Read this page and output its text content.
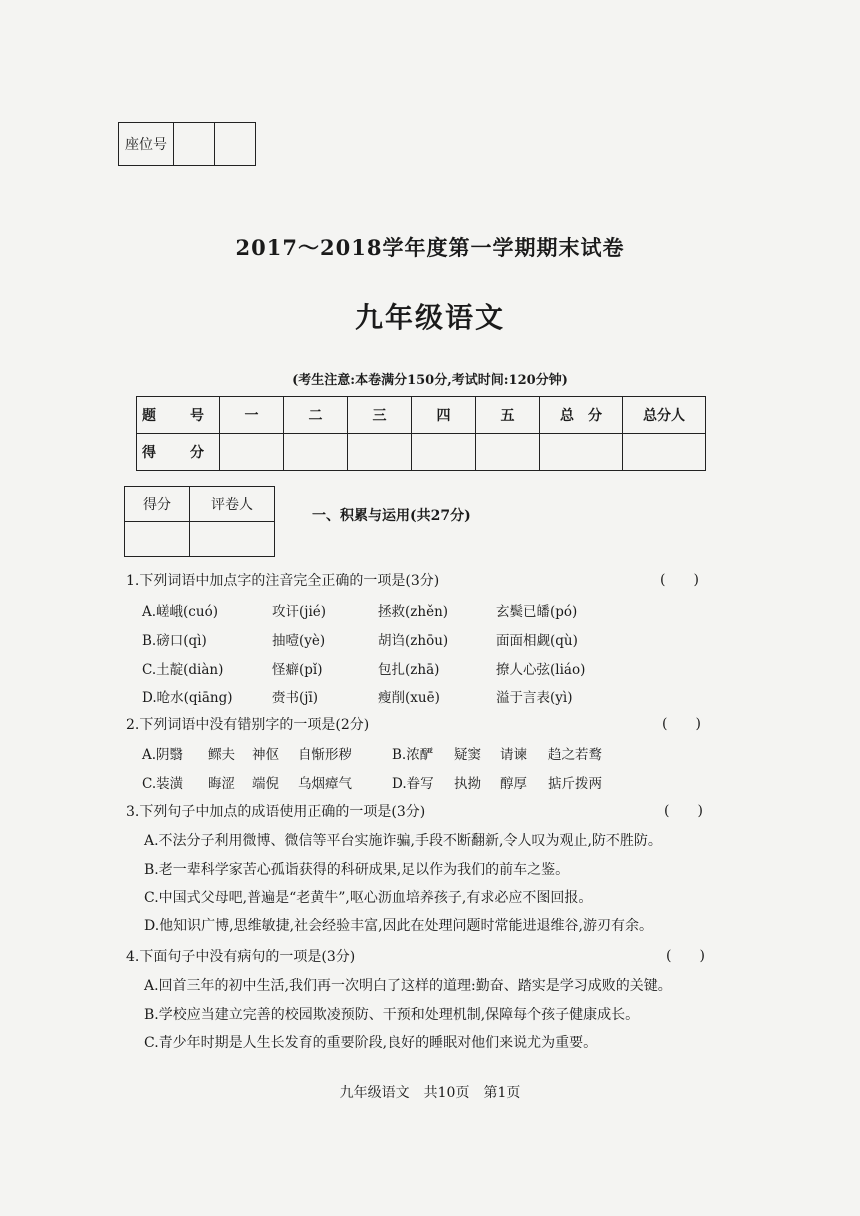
座位号		
2017～2018学年度第一学期期末试卷
九年级语文
(考生注意:本卷满分150分,考试时间:120分钟)
题　号	一	二	三	四	五	总　分	总分人
得　分							
得分	评卷人

一、积累与运用(共27分)
1.下列词语中加点字的注音完全正确的一项是(3分)	(　　)
A.嵯峨(cuó)	攻讦(jié)	拯救(zhěn)	玄鬓已皤(pó)
B.磅口(qì)	抽噎(yè)	胡诌(zhōu)	面面相觑(qù)
C.土靛(diàn)	怪癖(pǐ)	包扎(zhā)	撩人心弦(liáo)
D.呛水(qiāng)	赍书(jī)	瘦削(xuē)	溢于言表(yì)
2.下列词语中没有错别字的一项是(2分)	(　　)
A.阴翳 鳏夫 神伛 自惭形秽	B.浓酽 疑窦 请谏 趋之若鹜
C.装潢 晦涩 端倪 乌烟瘴气	D.眷写 执拗 醇厚 掂斤拨两
3.下列句子中加点的成语使用正确的一项是(3分)	(　　)
A.不法分子利用微博、微信等平台实施诈骗,手段不断翻新,令人叹为观止,防不胜防。
B.老一辈科学家苦心孤诣获得的科研成果,足以作为我们的前车之鉴。
C.中国式父母吧,普遍是“老黄牛”,呕心沥血培养孩子,有求必应不图回报。
D.他知识广博,思维敏捷,社会经验丰富,因此在处理问题时常能进退维谷,游刃有余。
4.下面句子中没有病句的一项是(3分)	(　　)
A.回首三年的初中生活,我们再一次明白了这样的道理:勤奋、踏实是学习成败的关键。
B.学校应当建立完善的校园欺凌预防、干预和处理机制,保障每个孩子健康成长。
C.青少年时期是人生长发育的重要阶段,良好的睡眠对他们来说尤为重要。
九年级语文　共10页　第1页
